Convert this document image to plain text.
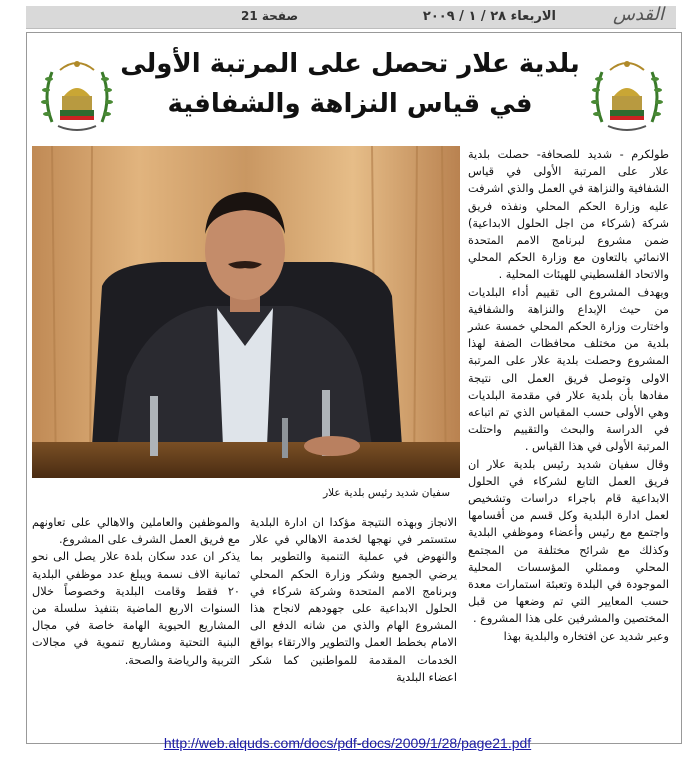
القدس
الاربعاء ٢٨ / ١ / ٢٠٠٩
صفحة 21
بلدية علار تحصل على المرتبة الأولى
في قياس النزاهة والشفافية
سفيان شديد رئيس بلدية علار

طولكرم - شديد للصحافة- حصلت بلدية علار على المرتبة الأولى في قياس الشفافية والنزاهة في العمل والذي اشرفت عليه وزارة الحكم المحلي ونفذه فريق شركة (شركاء من اجل الحلول الابداعية) ضمن مشروع لبرنامج الامم المتحدة الانمائي بالتعاون مع وزارة الحكم المحلي والاتحاد الفلسطيني للهيئات المحلية .

ويهدف المشروع الى تقييم أداء البلديات من حيث الإبداع والنزاهة والشفافية واختارت وزارة الحكم المحلي خمسة عشر بلدية من مختلف محافظات الضفة لهذا المشروع وحصلت بلدية علار على المرتبة الاولى وتوصل فريق العمل الى نتيجة مفادها بأن بلدية علار في مقدمة البلديات وهي الأولى حسب المقياس الذي تم اتباعه في الدراسة والبحث والتقييم واحتلت المرتبة الأولى في هذا القياس .

وقال سفيان شديد رئيس بلدية علار ان فريق العمل التابع لشركاء في الحلول الابداعية قام باجراء دراسات وتشخيص لعمل ادارة البلدية وكل قسم من أقسامها واجتمع مع رئيس وأعضاء وموظفي البلدية وكذلك مع شرائح مختلفة من المجتمع المحلي وممثلي المؤسسات المحلية الموجودة في البلدة وتعبئة استمارات معدة حسب المعايير التي تم وضعها من قبل المختصين والمشرفين على هذا المشروع .

وعبر شديد عن افتخاره والبلدية بهذا

الانجاز وبهذه النتيجة مؤكدا ان ادارة البلدية ستستمر في نهجها لخدمة الاهالي في علار والنهوض في عملية التنمية والتطوير بما يرضي الجميع وشكر وزارة الحكم المحلي وبرنامج الامم المتحدة وشركة شركاء في الحلول الابداعية على جهودهم لانجاح هذا المشروع الهام والذي من شانه الدفع الى الامام بخطط العمل والتطوير والارتقاء بواقع الخدمات المقدمة للمواطنين كما شكر اعضاء البلدية

والموظفين والعاملين والاهالي على تعاونهم مع فريق العمل الشرف على المشروع.

يذكر ان عدد سكان بلدة علار يصل الى نحو ثمانية الاف نسمة ويبلغ عدد موظفي البلدية ٢٠ فقط وقامت البلدية وخصوصاً خلال السنوات الاربع الماضية بتنفيذ سلسلة من المشاريع الحيوية الهامة خاصة في مجال البنية التحتية ومشاريع تنموية في مجالات التربية والرياضة والصحة.

http://web.alquds.com/docs/pdf-docs/2009/1/28/page21.pdf
